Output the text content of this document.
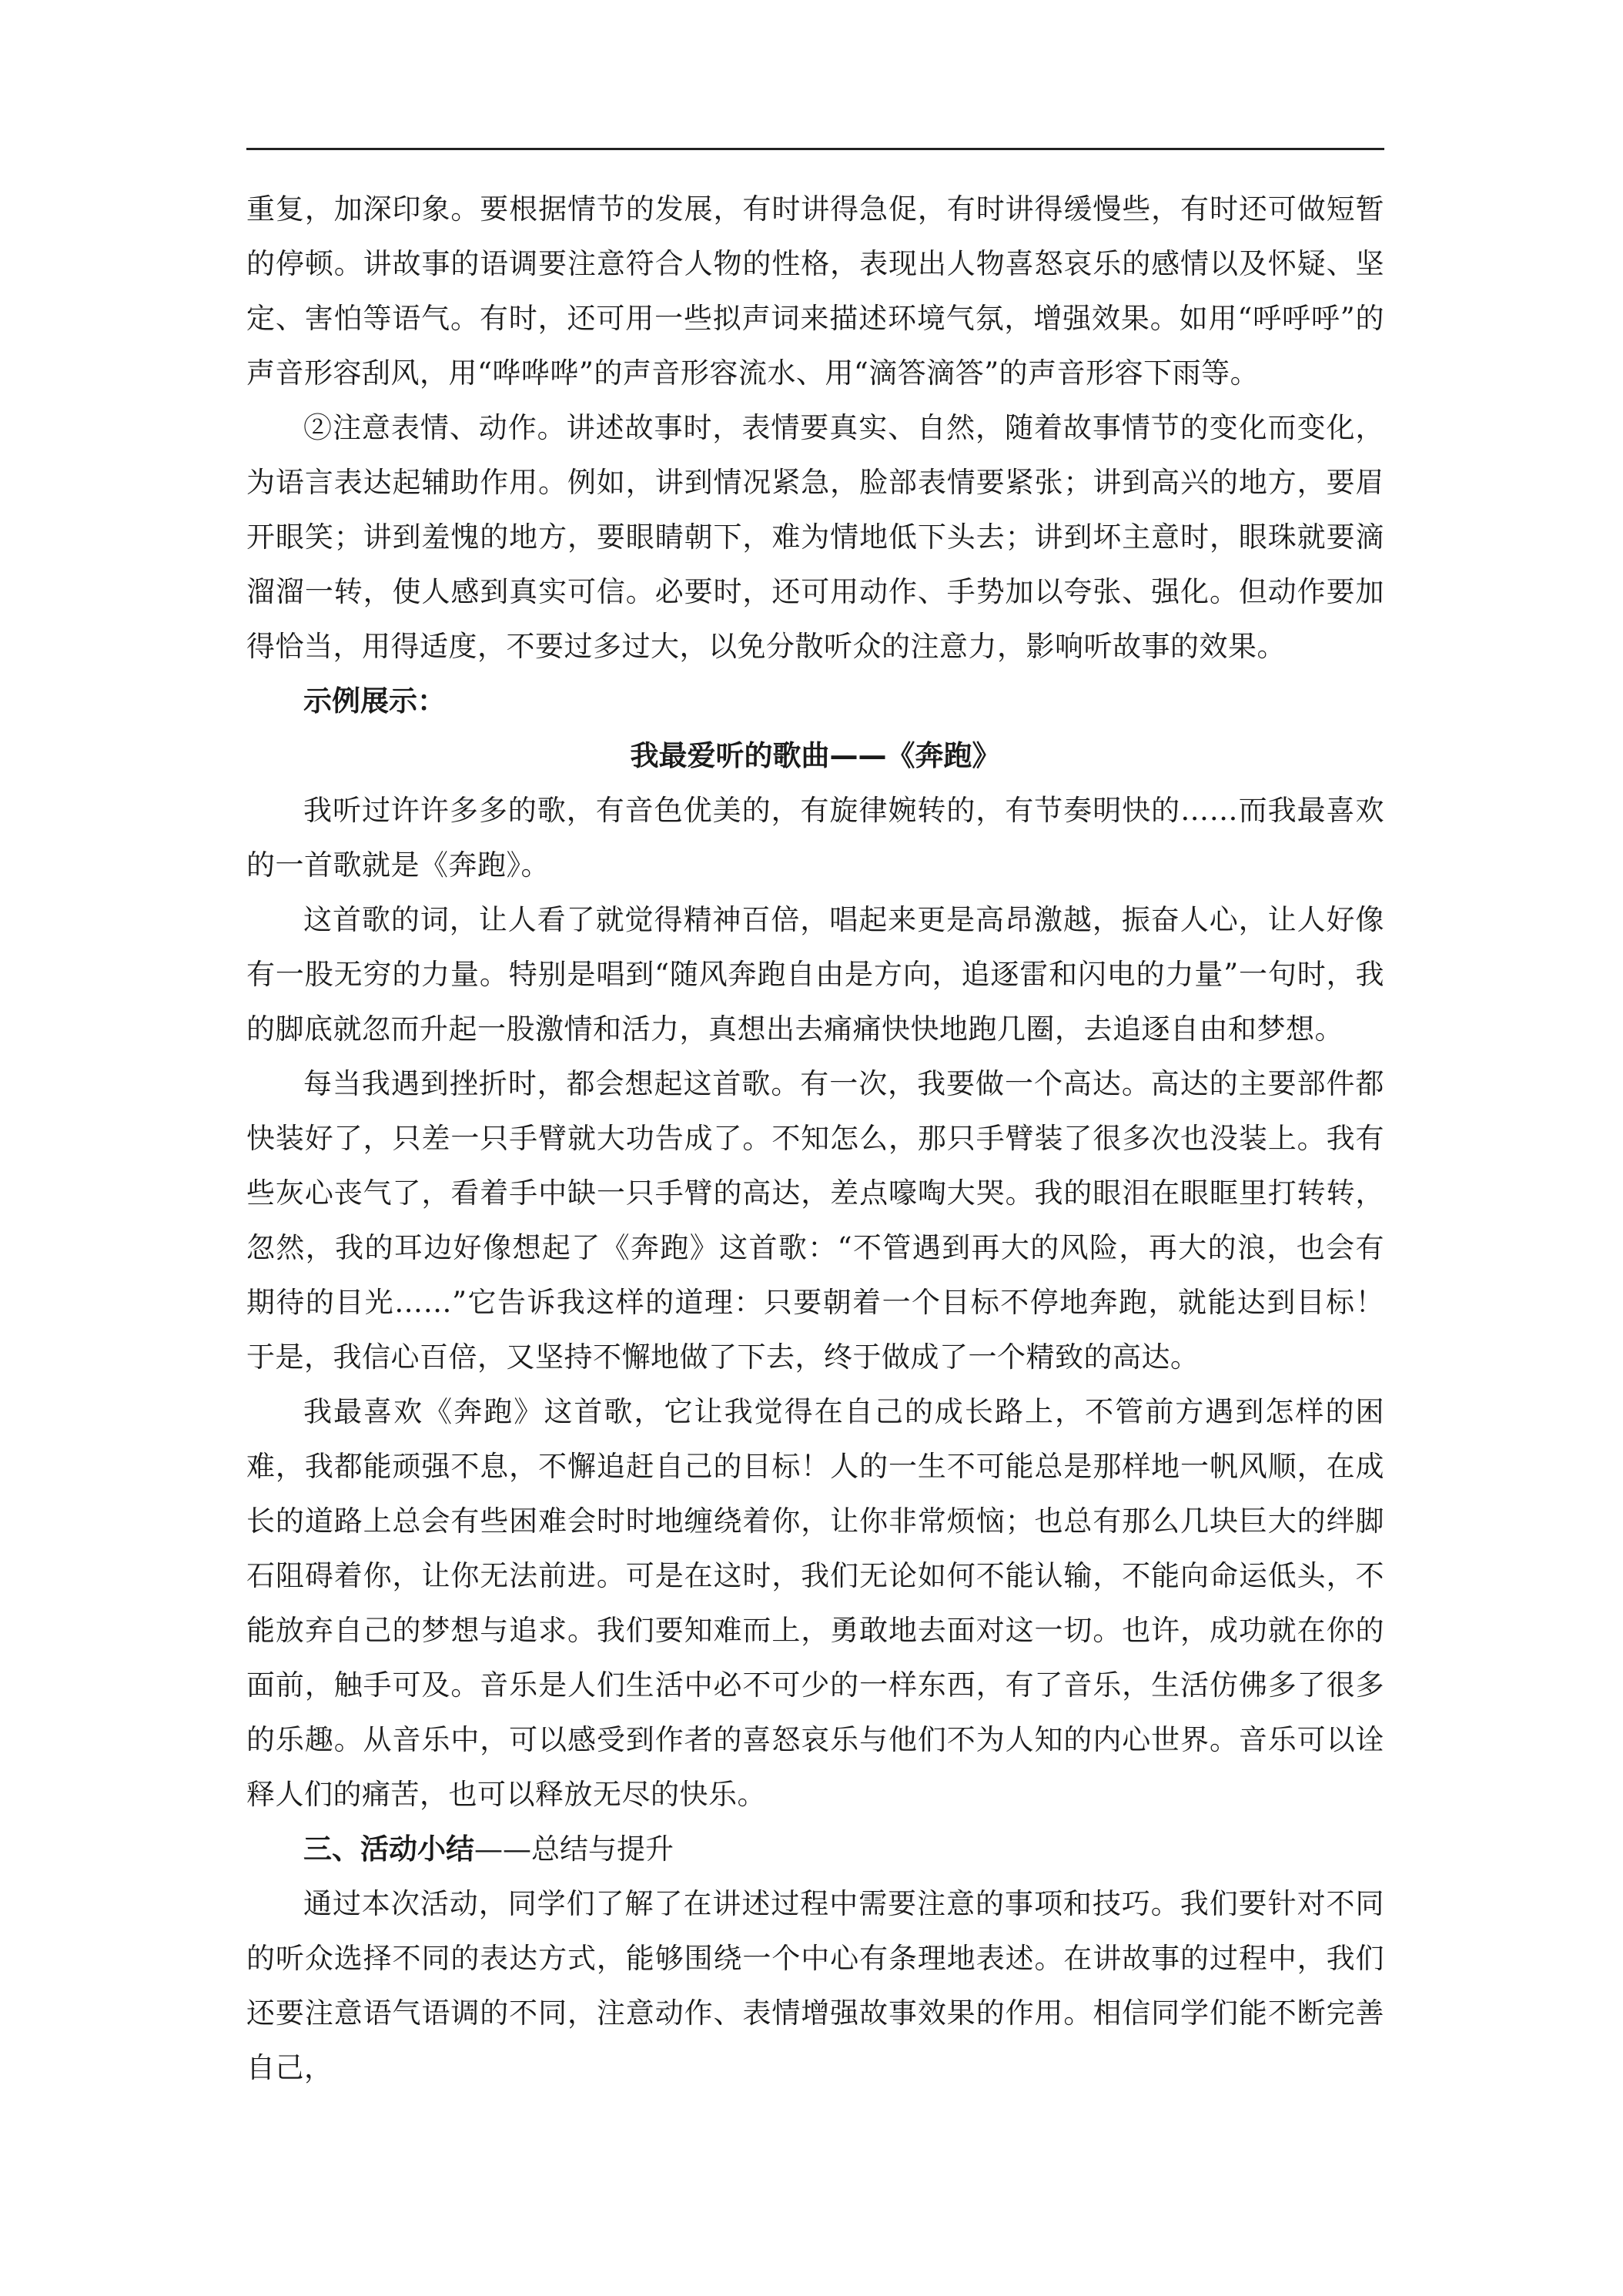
重复，加深印象。要根据情节的发展，有时讲得急促，有时讲得缓慢些，有时还可做短暂的停顿。讲故事的语调要注意符合人物的性格，表现出人物喜怒哀乐的感情以及怀疑、坚定、害怕等语气。有时，还可用一些拟声词来描述环境气氛，增强效果。如用“呼呼呼”的声音形容刮风，用“哗哗哗”的声音形容流水、用“滴答滴答”的声音形容下雨等。

②注意表情、动作。讲述故事时，表情要真实、自然，随着故事情节的变化而变化，为语言表达起辅助作用。例如，讲到情况紧急，脸部表情要紧张；讲到高兴的地方，要眉开眼笑；讲到羞愧的地方，要眼睛朝下，难为情地低下头去；讲到坏主意时，眼珠就要滴溜溜一转，使人感到真实可信。必要时，还可用动作、手势加以夸张、强化。但动作要加得恰当，用得适度，不要过多过大，以免分散听众的注意力，影响听故事的效果。

示例展示：

我最爱听的歌曲——《奔跑》

我听过许许多多的歌，有音色优美的，有旋律婉转的，有节奏明快的……而我最喜欢的一首歌就是《奔跑》。

这首歌的词，让人看了就觉得精神百倍，唱起来更是高昂激越，振奋人心，让人好像有一股无穷的力量。特别是唱到“随风奔跑自由是方向，追逐雷和闪电的力量”一句时，我的脚底就忽而升起一股激情和活力，真想出去痛痛快快地跑几圈，去追逐自由和梦想。

每当我遇到挫折时，都会想起这首歌。有一次，我要做一个高达。高达的主要部件都快装好了，只差一只手臂就大功告成了。不知怎么，那只手臂装了很多次也没装上。我有些灰心丧气了，看着手中缺一只手臂的高达，差点嚎啕大哭。我的眼泪在眼眶里打转转，忽然，我的耳边好像想起了《奔跑》这首歌：“不管遇到再大的风险，再大的浪，也会有期待的目光……”它告诉我这样的道理：只要朝着一个目标不停地奔跑，就能达到目标！于是，我信心百倍，又坚持不懈地做了下去，终于做成了一个精致的高达。

我最喜欢《奔跑》这首歌，它让我觉得在自己的成长路上，不管前方遇到怎样的困难，我都能顽强不息，不懈追赶自己的目标！人的一生不可能总是那样地一帆风顺，在成长的道路上总会有些困难会时时地缠绕着你，让你非常烦恼；也总有那么几块巨大的绊脚石阻碍着你，让你无法前进。可是在这时，我们无论如何不能认输，不能向命运低头，不能放弃自己的梦想与追求。我们要知难而上，勇敢地去面对这一切。也许，成功就在你的面前，触手可及。音乐是人们生活中必不可少的一样东西，有了音乐，生活仿佛多了很多的乐趣。从音乐中，可以感受到作者的喜怒哀乐与他们不为人知的内心世界。音乐可以诠释人们的痛苦，也可以释放无尽的快乐。

三、活动小结——总结与提升

通过本次活动，同学们了解了在讲述过程中需要注意的事项和技巧。我们要针对不同的听众选择不同的表达方式，能够围绕一个中心有条理地表述。在讲故事的过程中，我们还要注意语气语调的不同，注意动作、表情增强故事效果的作用。相信同学们能不断完善自己，
